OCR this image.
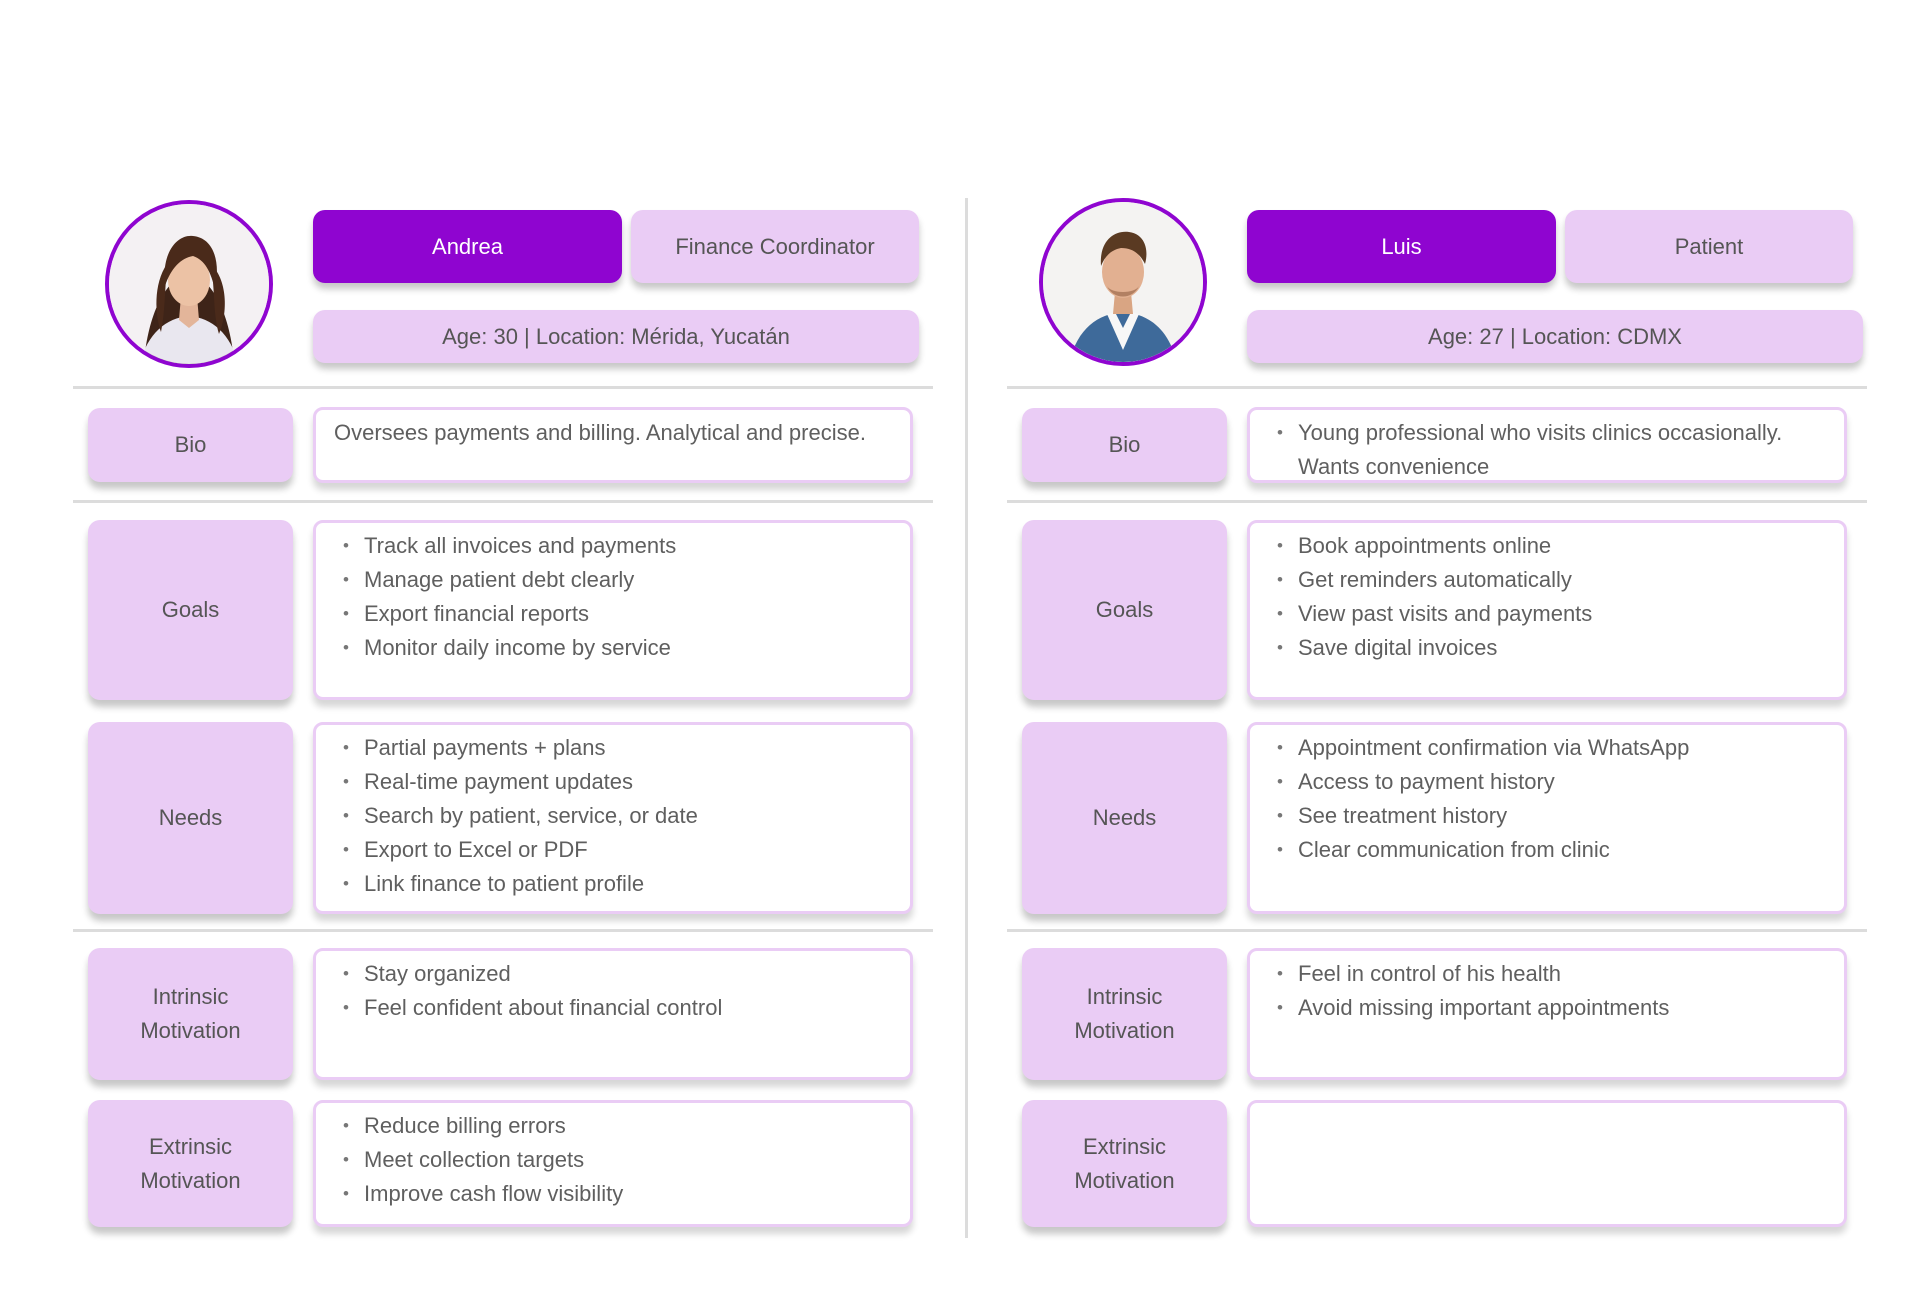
Andrea	Finance Coordinator
Age: 30 | Location: Mérida, Yucatán
Bio	Oversees payments and billing. Analytical and precise.

Goals
• Track all invoices and payments
• Manage patient debt clearly
• Export financial reports
• Monitor daily income by service
Needs
• Partial payments + plans
• Real-time payment updates
• Search by patient, service, or date
• Export to Excel or PDF
• Link finance to patient profile
Intrinsic
Motivation
• Stay organized
• Feel confident about financial control
Extrinsic
Motivation
• Reduce billing errors
• Meet collection targets
• Improve cash flow visibility
Luis	Patient
Age: 27 | Location: CDMX
Bio
•	Young professional who visits clinics occasionally. Wants convenience
Goals
• Book appointments online
• Get reminders automatically
• View past visits and payments
• Save digital invoices
Needs
• Appointment confirmation via WhatsApp
• Access to payment history
• See treatment history
• Clear communication from clinic
Intrinsic
Motivation
• Feel in control of his health
• Avoid missing important appointments
Extrinsic
Motivation
